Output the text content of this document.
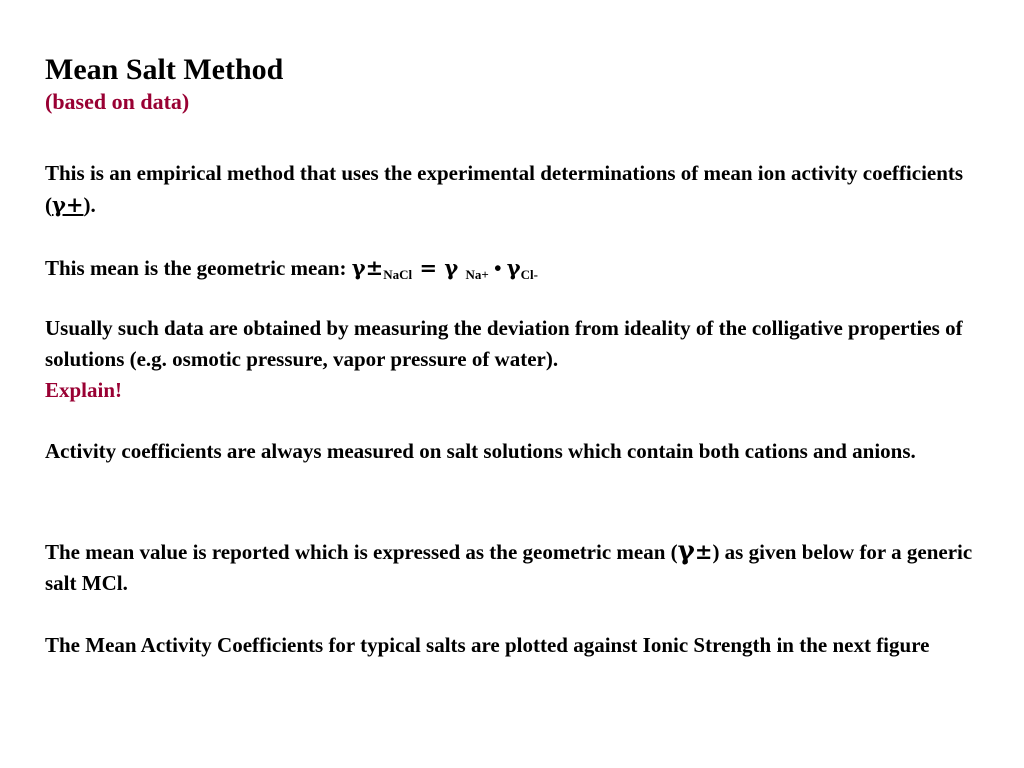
Mean Salt Method
(based on data)

This is an empirical method that uses the experimental determinations of mean ion activity coefficients (γ+).

This mean is the geometric mean: $\gamma\pm_{NaCl} = \gamma$ $_{Na+}$ • $\gamma_{Cl-}$

Usually such data are obtained by measuring the deviation from ideality of the colligative properties of solutions (e.g. osmotic pressure, vapor pressure of water).
Explain!

Activity coefficients are always measured on salt solutions which contain both cations and anions.

The mean value is reported which is expressed as the geometric mean (γ±) as given below for a generic salt MCl.

The Mean Activity Coefficients for typical salts are plotted against Ionic Strength in the next figure
